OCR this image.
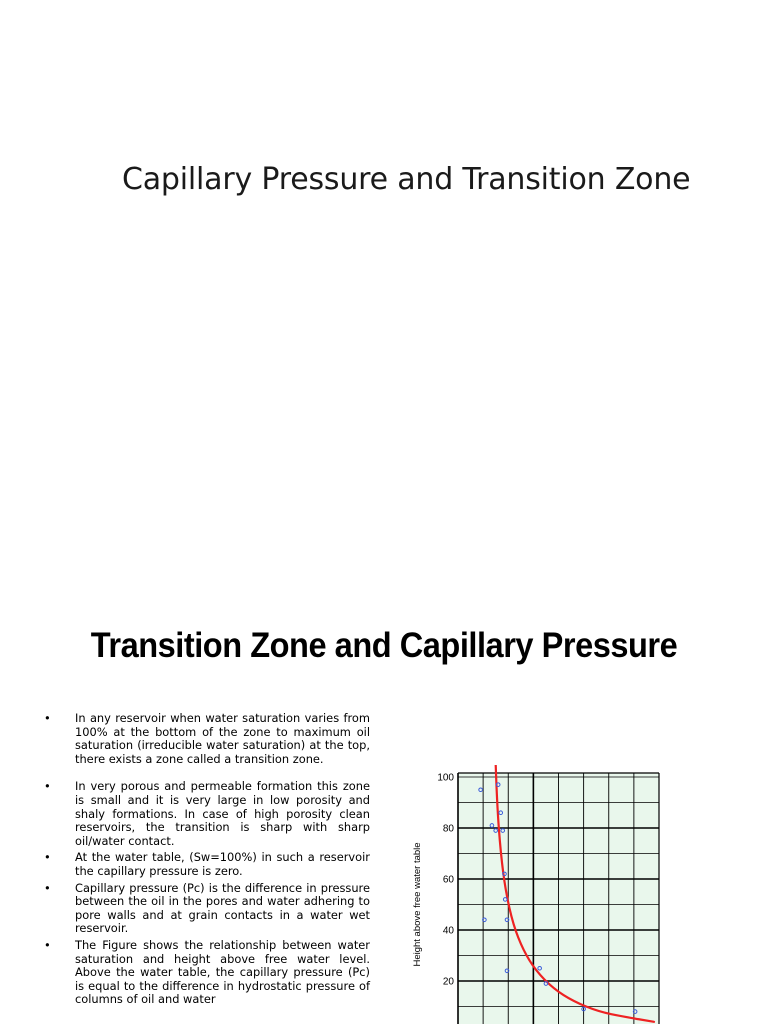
Capillary Pressure and Transition Zone
Transition Zone and Capillary Pressure
• In any reservoir when water saturation varies from 100% at the bottom of the zone to maximum oil saturation (irreducible water saturation) at the top, there exists a zone called a transition zone.
• In very porous and permeable formation this zone is small and it is very large in low porosity and shaly formations. In case of high porosity clean reservoirs, the transition is sharp with sharp oil/water contact.
• At the water table, (Sw=100%) in such a reservoir the capillary pressure is zero.
• Capillary pressure (Pc) is the difference in pressure between the oil in the pores and water adhering to pore walls and at grain contacts in a water wet reservoir.
• The Figure shows the relationship between water saturation and height above free water level. Above the water table, the capillary pressure (Pc) is equal to the difference in hydrostatic pressure of columns of oil and water
100
80
60
40
20
Height above free water table
